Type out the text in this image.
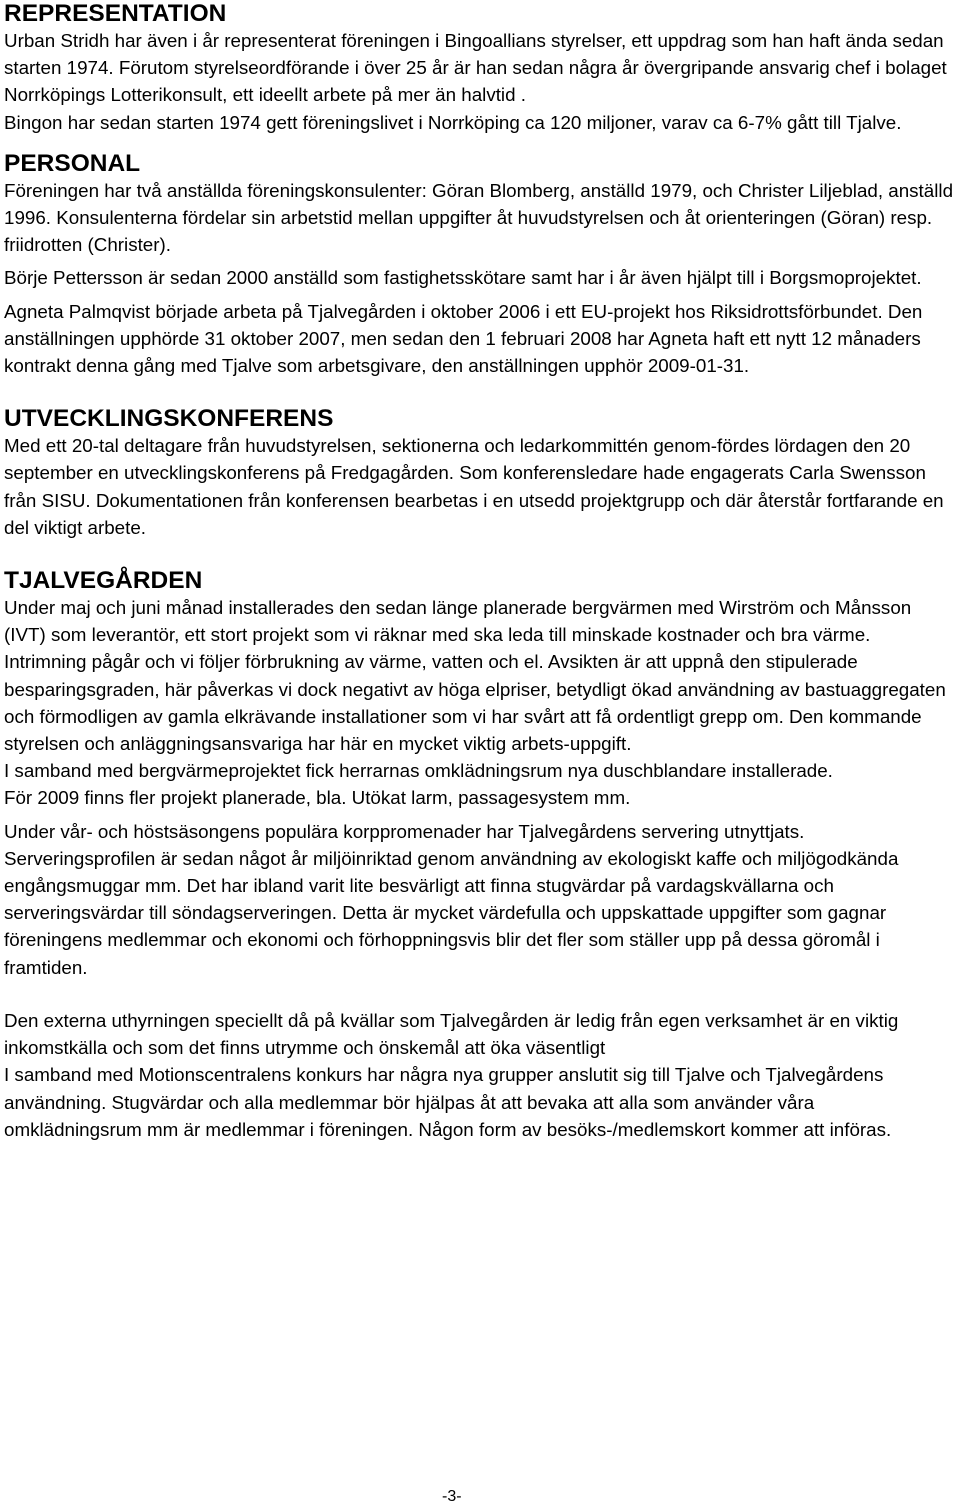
REPRESENTATION

Urban Stridh har även i år representerat föreningen i Bingoallians styrelser, ett uppdrag som han haft ända sedan starten 1974. Förutom styrelseordförande i över 25 år är han sedan några år övergripande ansvarig chef i bolaget Norrköpings Lotterikonsult, ett ideellt arbete på mer än halvtid .

Bingon har sedan starten 1974 gett föreningslivet i Norrköping ca 120 miljoner, varav ca 6-7% gått till Tjalve.

PERSONAL

Föreningen har två anställda föreningskonsulenter: Göran Blomberg, anställd 1979, och Christer Liljeblad, anställd 1996. Konsulenterna fördelar sin arbetstid mellan uppgifter åt huvudstyrelsen och åt orienteringen (Göran) resp. friidrotten (Christer).

Börje Pettersson är sedan 2000 anställd som fastighetsskötare samt har i år även hjälpt till i Borgsmoprojektet.

Agneta Palmqvist började arbeta på Tjalvegården i oktober 2006 i ett EU-projekt hos Riksidrottsförbundet. Den anställningen upphörde 31 oktober 2007, men sedan den 1 februari 2008 har Agneta haft ett nytt 12 månaders kontrakt denna gång med Tjalve som arbetsgivare, den anställningen upphör 2009-01-31.

UTVECKLINGSKONFERENS

Med ett 20-tal deltagare från huvudstyrelsen, sektionerna och ledarkommittén genom-fördes lördagen den 20 september en utvecklingskonferens på Fredgagården. Som konferensledare hade engagerats Carla Swensson från SISU. Dokumentationen från konferensen bearbetas i en utsedd projektgrupp och där återstår fortfarande en del viktigt arbete.

TJALVEGÅRDEN

Under maj och juni månad installerades den sedan länge planerade bergvärmen med Wirström och Månsson (IVT) som leverantör, ett stort projekt som vi räknar med ska leda till minskade kostnader och bra värme. Intrimning pågår och vi följer förbrukning av värme, vatten och el. Avsikten är att uppnå den stipulerade besparingsgraden, här påverkas vi dock negativt av höga elpriser, betydligt ökad användning av bastuaggregaten och förmodligen av gamla elkrävande installationer som vi har svårt att få ordentligt grepp om. Den kommande styrelsen och anläggningsansvariga har här en mycket viktig arbets-uppgift.

I samband med bergvärmeprojektet fick herrarnas omklädningsrum nya duschblandare installerade.

För 2009 finns fler projekt planerade, bla. Utökat larm, passagesystem mm.

Under vår- och höstsäsongens populära korppromenader har Tjalvegårdens servering utnyttjats. Serveringsprofilen är sedan något år miljöinriktad genom användning av ekologiskt kaffe och miljögodkända engångsmuggar mm. Det har ibland varit lite besvärligt att finna stugvärdar på vardagskvällarna och serveringsvärdar till söndagserveringen. Detta är mycket värdefulla och uppskattade uppgifter som gagnar föreningens medlemmar och ekonomi och förhoppningsvis blir det fler som ställer upp på dessa göromål i framtiden.

Den externa uthyrningen speciellt då på kvällar som Tjalvegården är ledig från egen verksamhet är en viktig inkomstkälla och som det finns utrymme och önskemål att öka väsentligt

I samband med Motionscentralens konkurs har några nya grupper anslutit sig till Tjalve och Tjalvegårdens användning. Stugvärdar och alla medlemmar bör hjälpas åt att bevaka att alla som använder våra omklädningsrum mm är medlemmar i föreningen. Någon form av besöks-/medlemskort kommer att införas.

-3-
